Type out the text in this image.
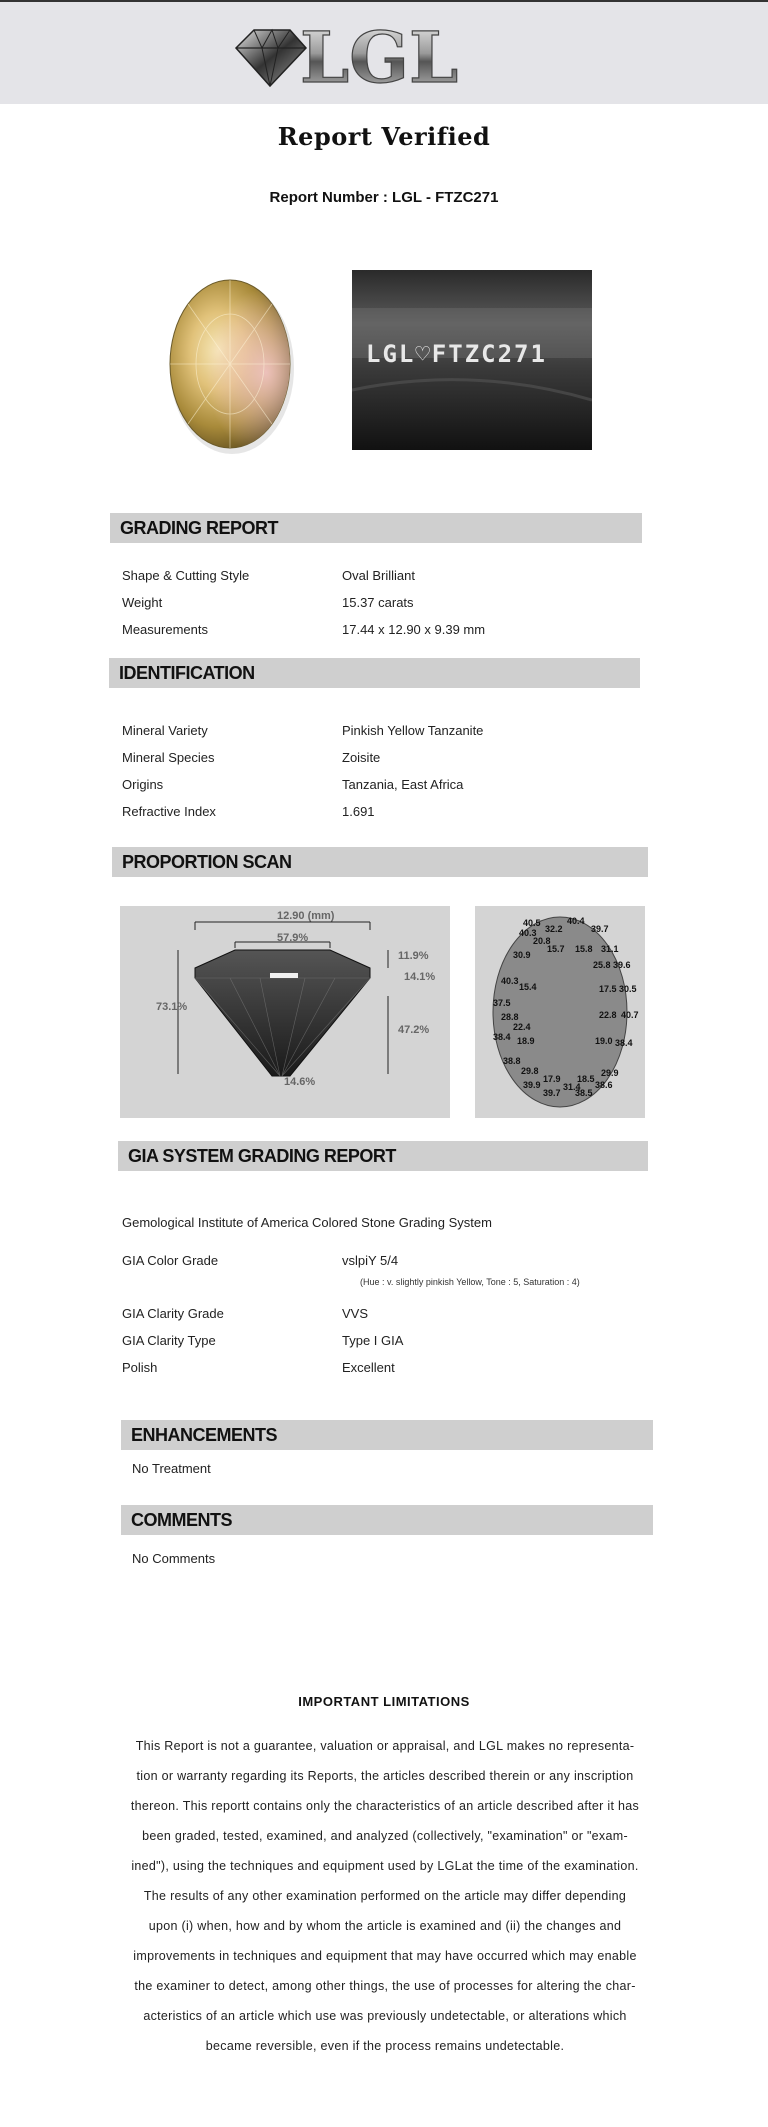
LGL
Report Verified
Report Number : LGL - FTZC271
LGL♡FTZC271
GRADING REPORT
Shape & Cutting Style	Oval Brilliant
Weight	15.37 carats
Measurements	17.44 x 12.90 x 9.39 mm
IDENTIFICATION
Mineral Variety	Pinkish Yellow Tanzanite
Mineral Species	Zoisite
Origins	Tanzania, East Africa
Refractive Index	1.691
PROPORTION SCAN
12.90 (mm)
57.9%
11.9%
14.1%
73.1%
47.2%
14.6%
40.5	40.4
40.3 32.2	39.7
20.8
30.9
15.7 15.8 31.1
25.8 39.6
40.3
15.4	17.5 30.5
37.5
28.8	22.8 40.7
22.4
38.4 18.9	19.0 38.4
38.8
29.8	29.9
17.9 18.5
39.9 31.4 38.6
39.7 38.5
GIA SYSTEM GRADING REPORT
Gemological Institute of America Colored Stone Grading System
GIA Color Grade	vslpiY 5/4
(Hue : v. slightly pinkish Yellow, Tone : 5, Saturation : 4)
GIA Clarity Grade	VVS
GIA Clarity Type	Type I GIA
Polish	Excellent
ENHANCEMENTS
No Treatment
COMMENTS
No Comments
IMPORTANT LIMITATIONS
This Report is not a guarantee, valuation or appraisal, and LGL makes no representa-
tion or warranty regarding its Reports, the articles described therein or any inscription
thereon. This reportt contains only the characteristics of an article described after it has
been graded, tested, examined, and analyzed (collectively, "examination" or "exam-
ined"), using the techniques and equipment used by LGLat the time of the examination.
The results of any other examination performed on the article may differ depending
upon (i) when, how and by whom the article is examined and (ii) the changes and
improvements in techniques and equipment that may have occurred which may enable
the examiner to detect, among other things, the use of processes for altering the char-
acteristics of an article which use was previously undetectable, or alterations which
became reversible, even if the process remains undetectable.
